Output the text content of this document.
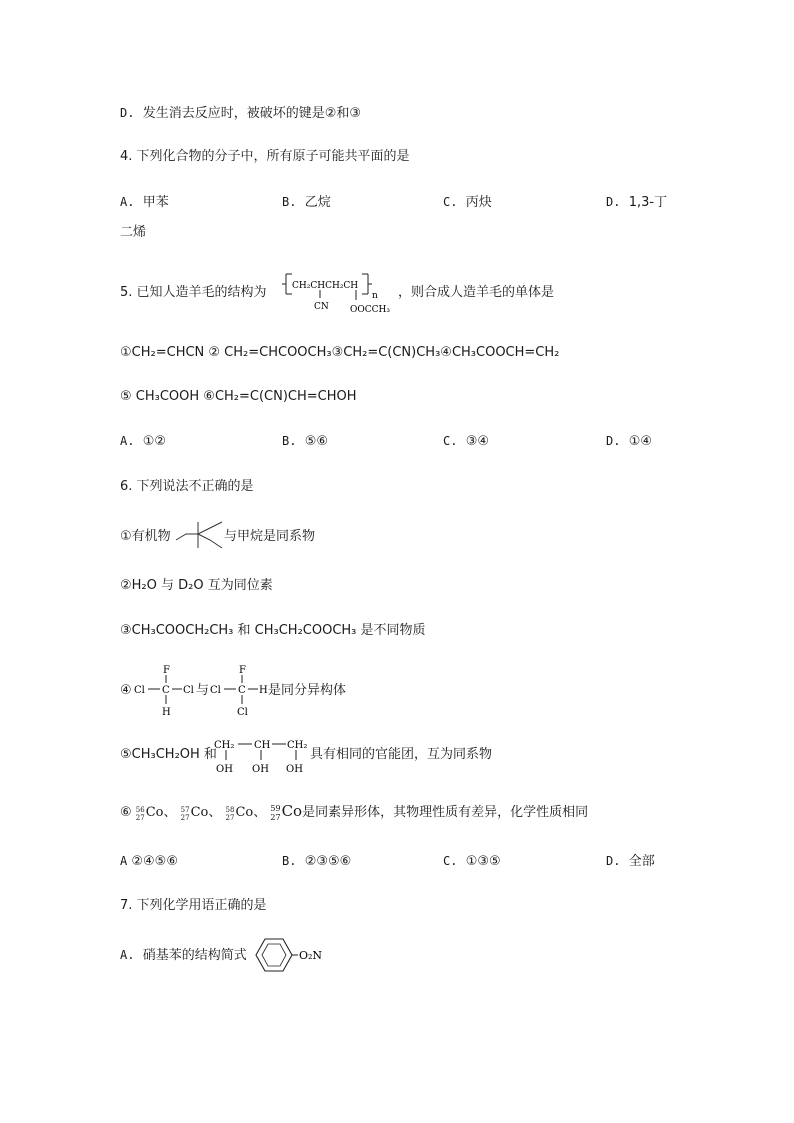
D. 发生消去反应时，被破坏的键是②和③
4. 下列化合物的分子中，所有原子可能共平面的是
A. 甲苯	B. 乙烷	C. 丙炔	D. 1,3-丁
二烯
5. 已知人造羊毛的结构为	CH₂CHCH₂CH
n
CN OOCCH₃
，则合成人造羊毛的单体是
①CH₂=CHCN ② CH₂=CHCOOCH₃③CH₂=C(CN)CH₃④CH₃COOCH=CH₂
⑤ CH₃COOH ⑥CH₂=C(CN)CH=CHOH
A. ①②	B. ⑤⑥	C. ③④	D. ①④
6. 下列说法不正确的是
①有机物	与甲烷是同系物
②H₂O 与 D₂O 互为同位素
③CH₃COOCH₂CH₃ 和 CH₃CH₂COOCH₃ 是不同物质
④
F
Cl C Cl
H
与
F
Cl C H
Cl
是同分异构体
⑤CH₃CH₂OH 和
CH₂ CH CH₂
OH OH OH
具有相同的官能团，互为同系物
⑥ 56
27Co、 57
27Co、 58
27Co、 59
27Co是同素异形体，其物理性质有差异，化学性质相同
A ②④⑤⑥	B. ②③⑤⑥	C. ①③⑤	D. 全部
7. 下列化学用语正确的是
A. 硝基苯的结构简式	O₂N
